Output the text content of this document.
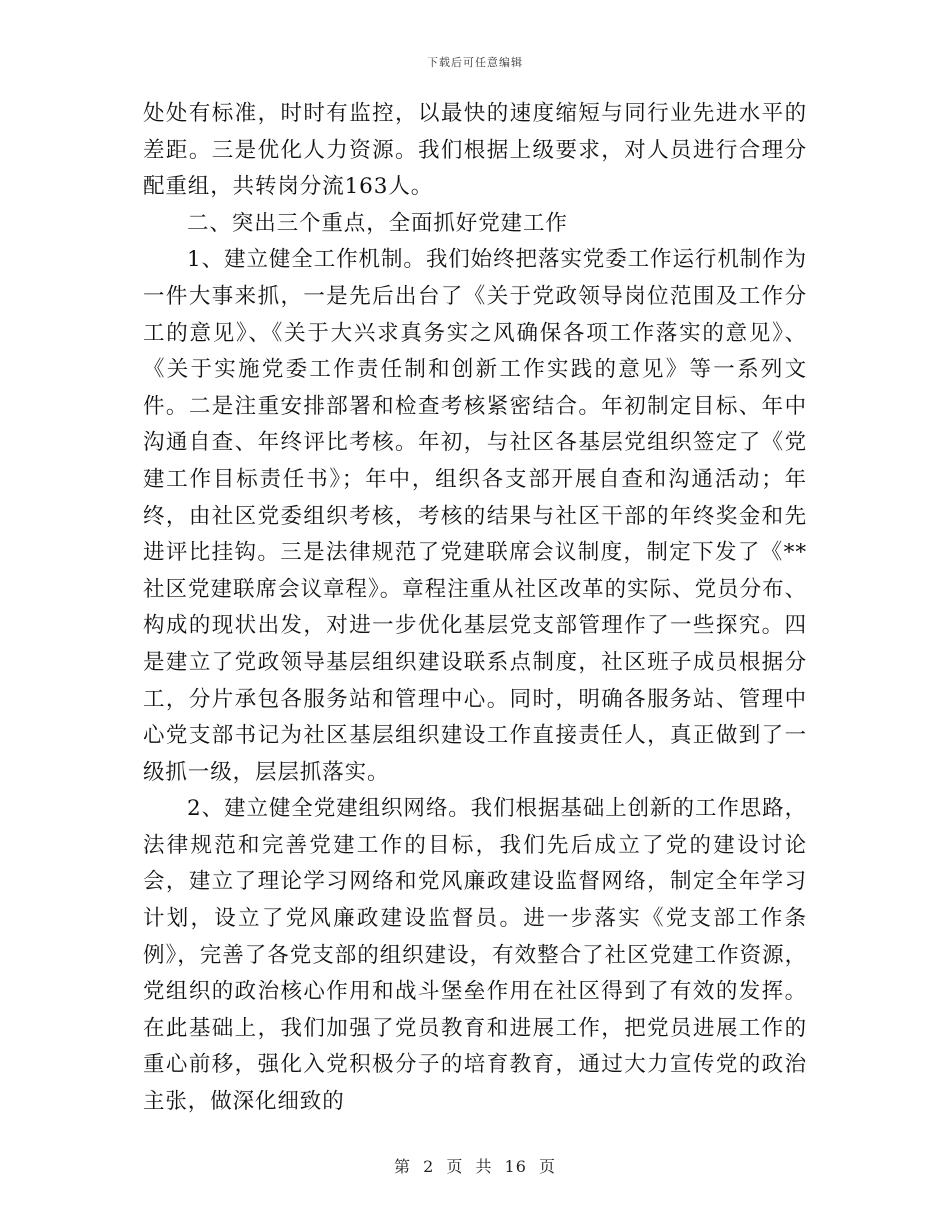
下载后可任意编辑

处处有标准，时时有监控，以最快的速度缩短与同行业先进水平的差距。三是优化人力资源。我们根据上级要求，对人员进行合理分配重组，共转岗分流163人。

二、突出三个重点，全面抓好党建工作

1、建立健全工作机制。我们始终把落实党委工作运行机制作为一件大事来抓，一是先后出台了《关于党政领导岗位范围及工作分工的意见》、《关于大兴求真务实之风确保各项工作落实的意见》、《关于实施党委工作责任制和创新工作实践的意见》等一系列文件。二是注重安排部署和检查考核紧密结合。年初制定目标、年中沟通自查、年终评比考核。年初，与社区各基层党组织签定了《党建工作目标责任书》；年中，组织各支部开展自查和沟通活动；年终，由社区党委组织考核，考核的结果与社区干部的年终奖金和先进评比挂钩。三是法律规范了党建联席会议制度，制定下发了《**社区党建联席会议章程》。章程注重从社区改革的实际、党员分布、构成的现状出发，对进一步优化基层党支部管理作了一些探究。四是建立了党政领导基层组织建设联系点制度，社区班子成员根据分工，分片承包各服务站和管理中心。同时，明确各服务站、管理中心党支部书记为社区基层组织建设工作直接责任人，真正做到了一级抓一级，层层抓落实。

2、建立健全党建组织网络。我们根据基础上创新的工作思路，法律规范和完善党建工作的目标，我们先后成立了党的建设讨论会，建立了理论学习网络和党风廉政建设监督网络，制定全年学习计划，设立了党风廉政建设监督员。进一步落实《党支部工作条例》，完善了各党支部的组织建设，有效整合了社区党建工作资源，党组织的政治核心作用和战斗堡垒作用在社区得到了有效的发挥。在此基础上，我们加强了党员教育和进展工作，把党员进展工作的重心前移，强化入党积极分子的培育教育，通过大力宣传党的政治主张，做深化细致的

第 2 页 共 16 页
